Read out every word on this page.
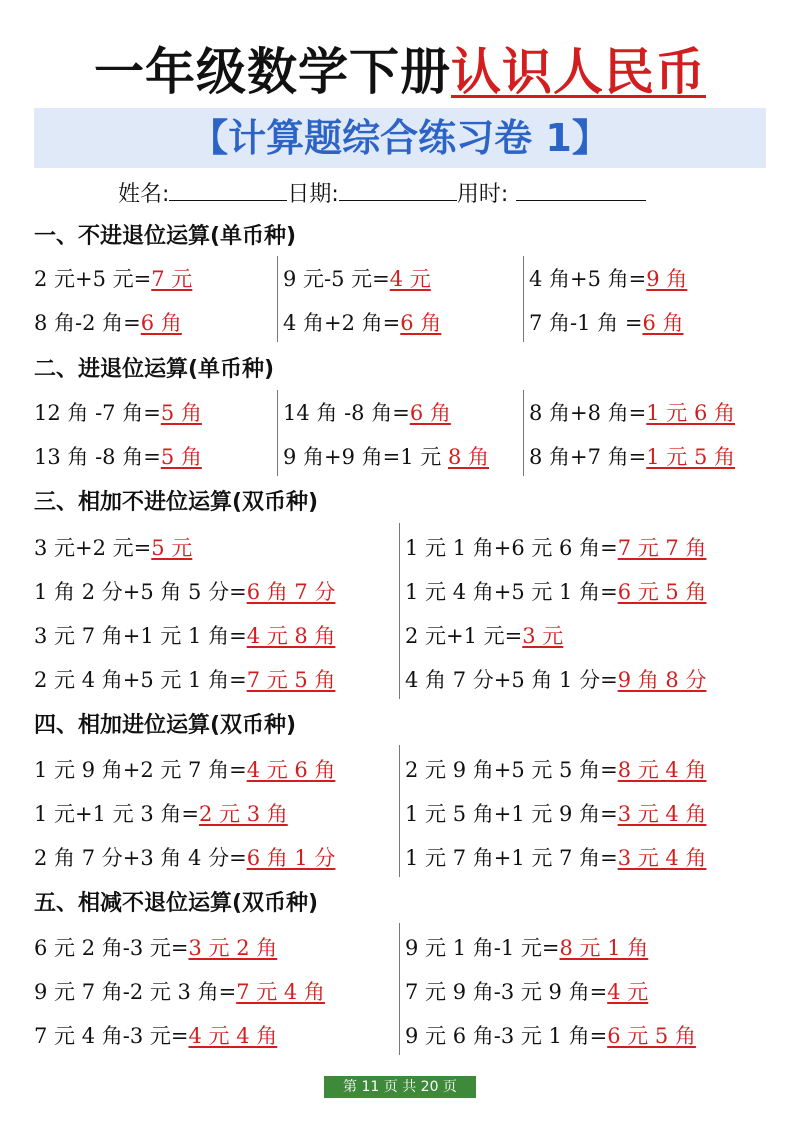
一年级数学下册认识人民币
【计算题综合练习卷 1】
姓名:	日期:	用时:
一、不进退位运算(单币种)
2 元+5 元=7 元
8 角-2 角=6 角
9 元-5 元=4 元
4 角+2 角=6 角
4 角+5 角=9 角
7 角-1 角 =6 角
二、进退位运算(单币种)
12 角 -7 角=5 角
13 角 -8 角=5 角
14 角 -8 角=6 角
9 角+9 角=1 元 8 角
8 角+8 角=1 元 6 角
8 角+7 角=1 元 5 角
三、相加不进位运算(双币种)
3 元+2 元=5 元
1 角 2 分+5 角 5 分=6 角 7 分
3 元 7 角+1 元 1 角=4 元 8 角
2 元 4 角+5 元 1 角=7 元 5 角
1 元 1 角+6 元 6 角=7 元 7 角
1 元 4 角+5 元 1 角=6 元 5 角
2 元+1 元=3 元
4 角 7 分+5 角 1 分=9 角 8 分
四、相加进位运算(双币种)
1 元 9 角+2 元 7 角=4 元 6 角
1 元+1 元 3 角=2 元 3 角
2 角 7 分+3 角 4 分=6 角 1 分
2 元 9 角+5 元 5 角=8 元 4 角
1 元 5 角+1 元 9 角=3 元 4 角
1 元 7 角+1 元 7 角=3 元 4 角
五、相减不退位运算(双币种)
6 元 2 角-3 元=3 元 2 角
9 元 7 角-2 元 3 角=7 元 4 角
7 元 4 角-3 元=4 元 4 角
9 元 1 角-1 元=8 元 1 角
7 元 9 角-3 元 9 角=4 元
9 元 6 角-3 元 1 角=6 元 5 角
第 11 页 共 20 页
